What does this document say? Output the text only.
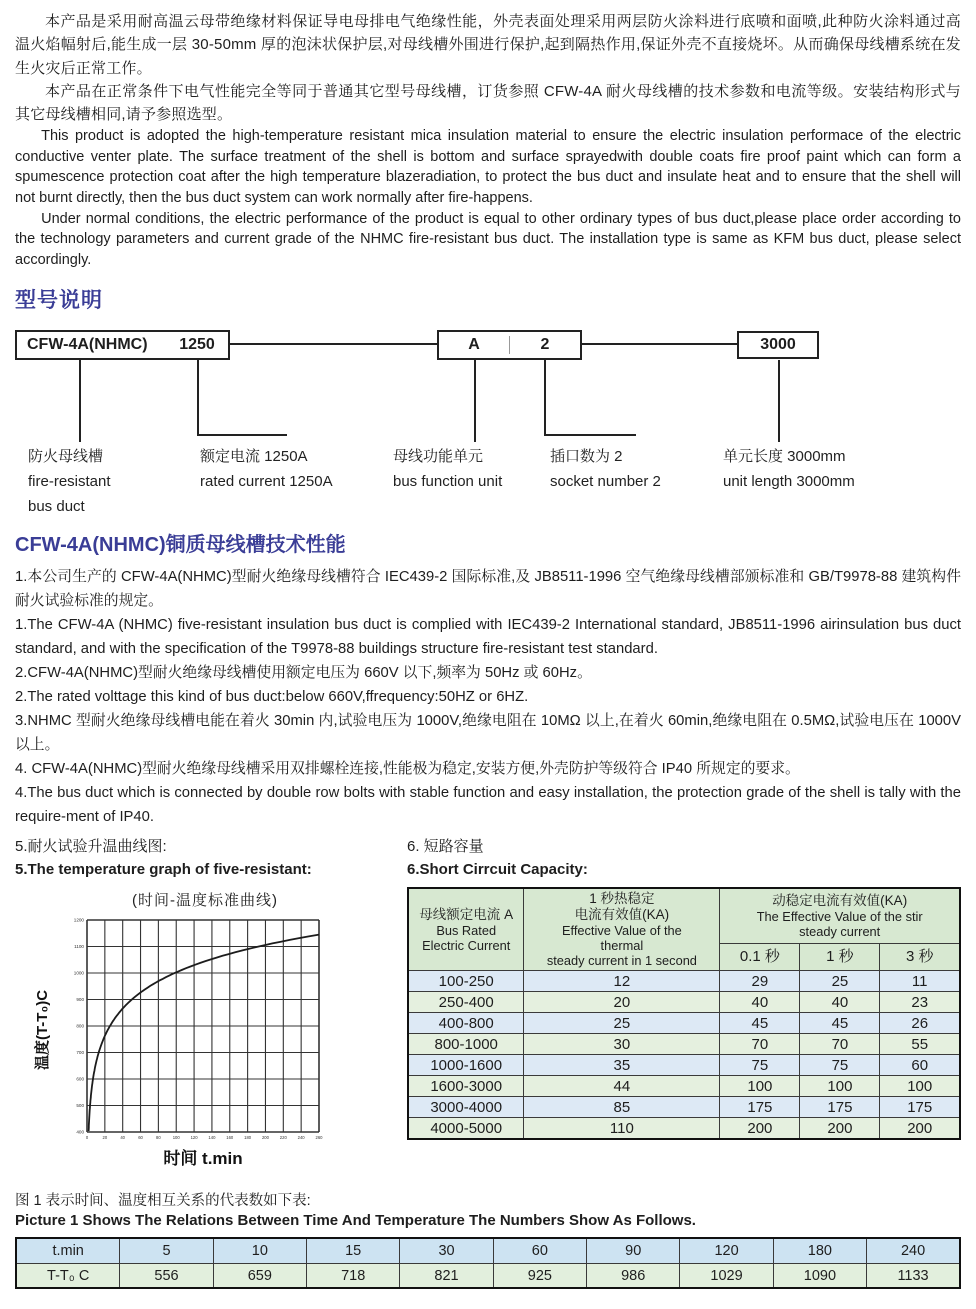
本产品是采用耐高温云母带绝缘材料保证导电母排电气绝缘性能，外壳表面处理采用两层防火涂料进行底喷和面喷,此种防火涂料通过高温火焰幅射后,能生成一层 30-50mm 厚的泡沫状保护层,对母线槽外围进行保护,起到隔热作用,保证外壳不直接烧坏。从而确保母线槽系统在发生火灾后正常工作。

本产品在正常条件下电气性能完全等同于普通其它型号母线槽，订货参照 CFW-4A 耐火母线槽的技术参数和电流等级。安装结构形式与其它母线槽相同,请予参照选型。

This product is adopted the high-temperature resistant mica insulation material to ensure the electric insulation performace of the electric conductive venter plate. The surface treatment of the shell is bottom and surface sprayedwith double coats fire proof paint which can form a spumescence protection coat after the high temperature blazeradiation, to protect the bus duct and insulate heat and to ensure that the shell will not burnt directly, then the bus duct system can work normally after fire-happens.

Under normal conditions, the electric performance of the product is equal to other ordinary types of bus duct,please place order according to the technology parameters and current grade of the NHMC fire-resistant bus duct. The installation type is same as KFM bus duct, please select accordingly.

型号说明
CFW-4A(NHMC)	1250	A	2	3000
防火母线槽
fire-resistant
bus duct
额定电流 1250A
rated current 1250A
母线功能单元
bus function unit
插口数为 2
socket number 2
单元长度 3000mm
unit length 3000mm
CFW-4A(NHMC)铜质母线槽技术性能

1.本公司生产的 CFW-4A(NHMC)型耐火绝缘母线槽符合 IEC439-2 国际标准,及 JB8511-1996 空气绝缘母线槽部颁标准和 GB/T9978-88 建筑构件耐火试验标准的规定。

1.The CFW-4A (NHMC) five-resistant insulation bus duct is complied with IEC439-2 International standard, JB8511-1996 airinsulation bus duct standard, and with the specification of the T9978-88 buildings structure fire-resistant test standard.

2.CFW-4A(NHMC)型耐火绝缘母线槽使用额定电压为 660V 以下,频率为 50Hz 或 60Hz。

2.The rated volttage this kind of bus duct:below 660V,ffrequency:50HZ or 6HZ.

3.NHMC 型耐火绝缘母线槽电能在着火 30min 内,试验电压为 1000V,绝缘电阻在 10MΩ 以上,在着火 60min,绝缘电阻在 0.5MΩ,试验电压在 1000V 以上。

4. CFW-4A(NHMC)型耐火绝缘母线槽采用双排螺栓连接,性能极为稳定,安装方便,外壳防护等级符合 IP40 所规定的要求。

4.The bus duct which is connected by double row bolts with stable function and easy installation, the protection grade of the shell is tally with the require-ment of IP40.

5.耐火试验升温曲线图:

5.The temperature graph of five-resistant:

(时间-温度标准曲线)
400
500
600
700
800
900
1000
1100
1200
0	20	40	60	80	100	120	140	160	180	200	220	240	260
温度(T-T₀)C
时间 t.min

6. 短路容量

6.Short Cirrcuit Capacity:

母线额定电流 A
Bus Rated
Electric Current

1 秒热稳定
电流有效值(KA)
Effective Value of the
thermal
steady current in 1 second

动稳定电流有效值(KA)
The Effective Value of the stir
steady current

		0.1 秒	1 秒	3 秒
100-250	12	29	25	11
250-400	20	40	40	23
400-800	25	45	45	26
800-1000	30	70	70	55
1000-1600	35	75	75	60
1600-3000	44	100	100	100
3000-4000	85	175	175	175
4000-5000	110	200	200	200

图 1 表示时间、温度相互关系的代表数如下表:

Picture 1 Shows The Relations Between Time And Temperature The Numbers Show As Follows.

t.min	5	10	15	30	60	90	120	180	240
T-T₀ C	556	659	718	821	925	986	1029	1090	1133
